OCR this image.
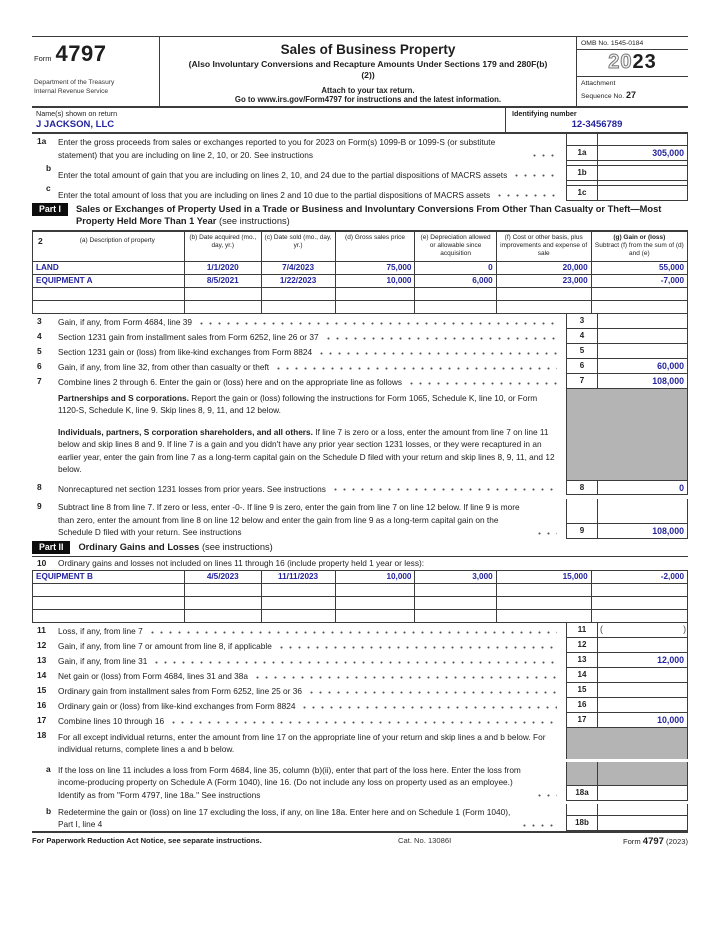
Form 4797
Department of the Treasury
Internal Revenue Service
Sales of Business Property
(Also Involuntary Conversions and Recapture Amounts Under Sections 179 and 280F(b)(2))
Attach to your tax return.
Go to www.irs.gov/Form4797 for instructions and the latest information.
OMB No. 1545-0184
2023
Attachment
Sequence No. 27
Name(s) shown on return
J JACKSON, LLC
Identifying number
12-3456789
1a	Enter the gross proceeds from sales or exchanges reported to you for 2023 on Form(s) 1099-B or 1099-S (or substitute statement) that you are including on line 2, 10, or 20. See instructions	1a	305,000
b
Enter the total amount of gain that you are including on lines 2, 10, and 24 due to the partial dispositions of MACRS assets	1b
c
Enter the total amount of loss that you are including on lines 2 and 10 due to the partial dispositions of MACRS assets	1c
Part I	Sales or Exchanges of Property Used in a Trade or Business and Involuntary Conversions From Other Than Casualty or Theft—Most Property Held More Than 1 Year (see instructions)
2 (a) Description of property	(b) Date acquired (mo., day, yr.)	(c) Date sold (mo., day, yr.)	(d) Gross sales price	(e) Depreciation allowed or allowable since acquisition	(f) Cost or other basis, plus improvements and expense of sale	(g) Gain or (loss)
Subtract (f) from the sum of (d) and (e)
LAND	1/1/2020	7/4/2023	75,000	0	20,000	55,000
EQUIPMENT A	8/5/2021	1/22/2023	10,000	6,000	23,000	-7,000

3	Gain, if any, from Form 4684, line 39	3
4	Section 1231 gain from installment sales from Form 6252, line 26 or 37	4
5	Section 1231 gain or (loss) from like-kind exchanges from Form 8824	5
6	Gain, if any, from line 32, from other than casualty or theft	6	60,000
7	Combine lines 2 through 6. Enter the gain or (loss) here and on the appropriate line as follows	7	108,000

Partnerships and S corporations. Report the gain or (loss) following the instructions for Form 1065, Schedule K, line 10, or Form 1120-S, Schedule K, line 9. Skip lines 8, 9, 11, and 12 below.

Individuals, partners, S corporation shareholders, and all others. If line 7 is zero or a loss, enter the amount from line 7 on line 11 below and skip lines 8 and 9. If line 7 is a gain and you didn't have any prior year section 1231 losses, or they were recaptured in an earlier year, enter the gain from line 7 as a long-term capital gain on the Schedule D filed with your return and skip lines 8, 9, 11, and 12 below.

8	Nonrecaptured net section 1231 losses from prior years. See instructions	8	0
9	Subtract line 8 from line 7. If zero or less, enter -0-. If line 9 is zero, enter the gain from line 7 on line 12 below. If line 9 is more than zero, enter the amount from line 8 on line 12 below and enter the gain from line 9 as a long-term capital gain on the Schedule D filed with your return. See instructions	9	108,000
Part II	Ordinary Gains and Losses (see instructions)
10	Ordinary gains and losses not included on lines 11 through 16 (include property held 1 year or less):
EQUIPMENT B	4/5/2023	11/11/2023	10,000	3,000	15,000	-2,000

11	Loss, if any, from line 7	11
( )
12	Gain, if any, from line 7 or amount from line 8, if applicable	12
13	Gain, if any, from line 31	13	12,000
14	Net gain or (loss) from Form 4684, lines 31 and 38a	14
15	Ordinary gain from installment sales from Form 6252, line 25 or 36	15
16	Ordinary gain or (loss) from like-kind exchanges from Form 8824	16
17	Combine lines 10 through 16	17	10,000
18	For all except individual returns, enter the amount from line 17 on the appropriate line of your return and skip lines a and b below. For individual returns, complete lines a and b below.
a If the loss on line 11 includes a loss from Form 4684, line 35, column (b)(ii), enter that part of the loss here. Enter the loss from income-producing property on Schedule A (Form 1040), line 16. (Do not include any loss on property used as an employee.) Identify as from "Form 4797, line 18a." See instructions	18a
b Redetermine the gain or (loss) on line 17 excluding the loss, if any, on line 18a. Enter here and on Schedule 1 (Form 1040), Part I, line 4	18b
For Paperwork Reduction Act Notice, see separate instructions.	Cat. No. 13086I	Form 4797 (2023)
